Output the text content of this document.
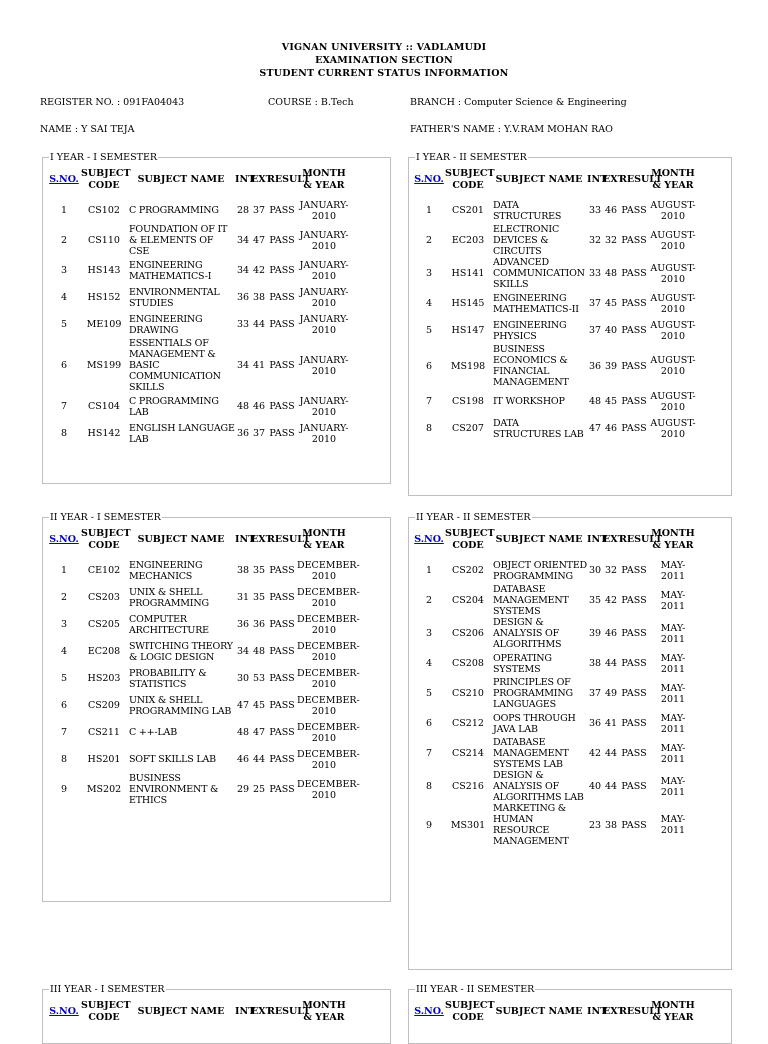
VIGNAN UNIVERSITY :: VADLAMUDI
EXAMINATION SECTION
STUDENT CURRENT STATUS INFORMATION
REGISTER NO. : 091FA04043	COURSE : B.Tech	BRANCH : Computer Science & Engineering
NAME : Y SAI TEJA	FATHER'S NAME : Y.V.RAM MOHAN RAO
I YEAR - I SEMESTER
S.NO.	SUBJECT CODE	SUBJECT NAME	INT	EXT	RESULT	MONTH & YEAR
1	CS102	C PROGRAMMING	28	37	PASS	JANUARY-2010
2	CS110	FOUNDATION OF IT & ELEMENTS OF CSE	34	47	PASS	JANUARY-2010
3	HS143	ENGINEERING MATHEMATICS-I	34	42	PASS	JANUARY-2010
4	HS152	ENVIRONMENTAL STUDIES	36	38	PASS	JANUARY-2010
5	ME109	ENGINEERING DRAWING	33	44	PASS	JANUARY-2010
6	MS199	ESSENTIALS OF MANAGEMENT & BASIC COMMUNICATION SKILLS	34	41	PASS	JANUARY-2010
7	CS104	C PROGRAMMING LAB	48	46	PASS	JANUARY-2010
8	HS142	ENGLISH LANGUAGE LAB	36	37	PASS	JANUARY-2010
I YEAR - II SEMESTER
S.NO.	SUBJECT CODE	SUBJECT NAME	INT	EXT	RESULT	MONTH & YEAR
1	CS201	DATA STRUCTURES	33	46	PASS	AUGUST-2010
2	EC203	ELECTRONIC DEVICES & CIRCUITS	32	32	PASS	AUGUST-2010
3	HS141	ADVANCED COMMUNICATION SKILLS	33	48	PASS	AUGUST-2010
4	HS145	ENGINEERING MATHEMATICS-II	37	45	PASS	AUGUST-2010
5	HS147	ENGINEERING PHYSICS	37	40	PASS	AUGUST-2010
6	MS198	BUSINESS ECONOMICS & FINANCIAL MANAGEMENT	36	39	PASS	AUGUST-2010
7	CS198	IT WORKSHOP	48	45	PASS	AUGUST-2010
8	CS207	DATA STRUCTURES LAB	47	46	PASS	AUGUST-2010
II YEAR - I SEMESTER
S.NO.	SUBJECT CODE	SUBJECT NAME	INT	EXT	RESULT	MONTH & YEAR
1	CE102	ENGINEERING MECHANICS	38	35	PASS	DECEMBER-2010
2	CS203	UNIX & SHELL PROGRAMMING	31	35	PASS	DECEMBER-2010
3	CS205	COMPUTER ARCHITECTURE	36	36	PASS	DECEMBER-2010
4	EC208	SWITCHING THEORY & LOGIC DESIGN	34	48	PASS	DECEMBER-2010
5	HS203	PROBABILITY & STATISTICS	30	53	PASS	DECEMBER-2010
6	CS209	UNIX & SHELL PROGRAMMING LAB	47	45	PASS	DECEMBER-2010
7	CS211	C ++-LAB	48	47	PASS	DECEMBER-2010
8	HS201	SOFT SKILLS LAB	46	44	PASS	DECEMBER-2010
9	MS202	BUSINESS ENVIRONMENT & ETHICS	29	25	PASS	DECEMBER-2010
II YEAR - II SEMESTER
S.NO.	SUBJECT CODE	SUBJECT NAME	INT	EXT	RESULT	MONTH & YEAR
1	CS202	OBJECT ORIENTED PROGRAMMING	30	32	PASS	MAY-2011
2	CS204	DATABASE MANAGEMENT SYSTEMS	35	42	PASS	MAY-2011
3	CS206	DESIGN & ANALYSIS OF ALGORITHMS	39	46	PASS	MAY-2011
4	CS208	OPERATING SYSTEMS	38	44	PASS	MAY-2011
5	CS210	PRINCIPLES OF PROGRAMMING LANGUAGES	37	49	PASS	MAY-2011
6	CS212	OOPS THROUGH JAVA LAB	36	41	PASS	MAY-2011
7	CS214	DATABASE MANAGEMENT SYSTEMS LAB	42	44	PASS	MAY-2011
8	CS216	DESIGN & ANALYSIS OF ALGORITHMS LAB	40	44	PASS	MAY-2011
9	MS301	MARKETING & HUMAN RESOURCE MANAGEMENT	23	38	PASS	MAY-2011
III YEAR - I SEMESTER
S.NO.	SUBJECT CODE	SUBJECT NAME	INT	EXT	RESULT	MONTH & YEAR
III YEAR - II SEMESTER
S.NO.	SUBJECT CODE	SUBJECT NAME	INT	EXT	RESULT	MONTH & YEAR
